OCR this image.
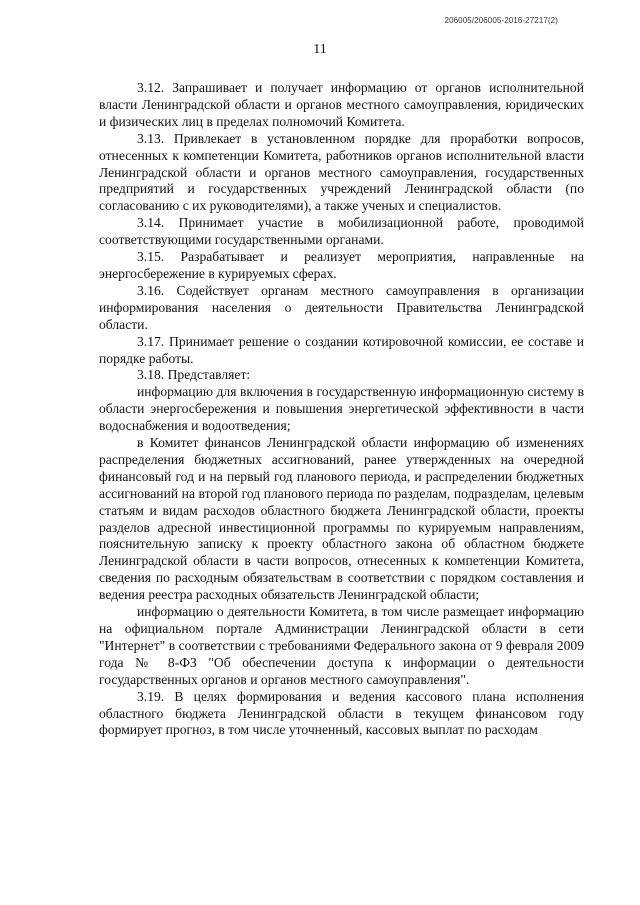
206005/206005-2016-27217(2)
11

3.12. Запрашивает и получает информацию от органов исполнительной власти Ленинградской области и органов местного самоуправления, юридических и физических лиц в пределах полномочий Комитета.

3.13. Привлекает в установленном порядке для проработки вопросов, отнесенных к компетенции Комитета, работников органов исполнительной власти Ленинградской области и органов местного самоуправления, государственных предприятий и государственных учреждений Ленинградской области (по согласованию с их руководителями), а также ученых и специалистов.

3.14. Принимает участие в мобилизационной работе, проводимой соответствующими государственными органами.

3.15. Разрабатывает и реализует мероприятия, направленные на энергосбережение в курируемых сферах.

3.16. Содействует органам местного самоуправления в организации информирования населения о деятельности Правительства Ленинградской области.

3.17. Принимает решение о создании котировочной комиссии, ее составе и порядке работы.

3.18. Представляет:

информацию для включения в государственную информационную систему в области энергосбережения и повышения энергетической эффективности в части водоснабжения и водоотведения;

в Комитет финансов Ленинградской области информацию об изменениях распределения бюджетных ассигнований, ранее утвержденных на очередной финансовый год и на первый год планового периода, и распределении бюджетных ассигнований на второй год планового периода по разделам, подразделам, целевым статьям и видам расходов областного бюджета Ленинградской области, проекты разделов адресной инвестиционной программы по курируемым направлениям, пояснительную записку к проекту областного закона об областном бюджете Ленинградской области в части вопросов, отнесенных к компетенции Комитета, сведения по расходным обязательствам в соответствии с порядком составления и ведения реестра расходных обязательств Ленинградской области;

информацию о деятельности Комитета, в том числе размещает информацию на официальном портале Администрации Ленинградской области в сети "Интернет" в соответствии с требованиями Федерального закона от 9 февраля 2009 года № 8-ФЗ "Об обеспечении доступа к информации о деятельности государственных органов и органов местного самоуправления".

3.19. В целях формирования и ведения кассового плана исполнения областного бюджета Ленинградской области в текущем финансовом году формирует прогноз, в том числе уточненный, кассовых выплат по расходам
